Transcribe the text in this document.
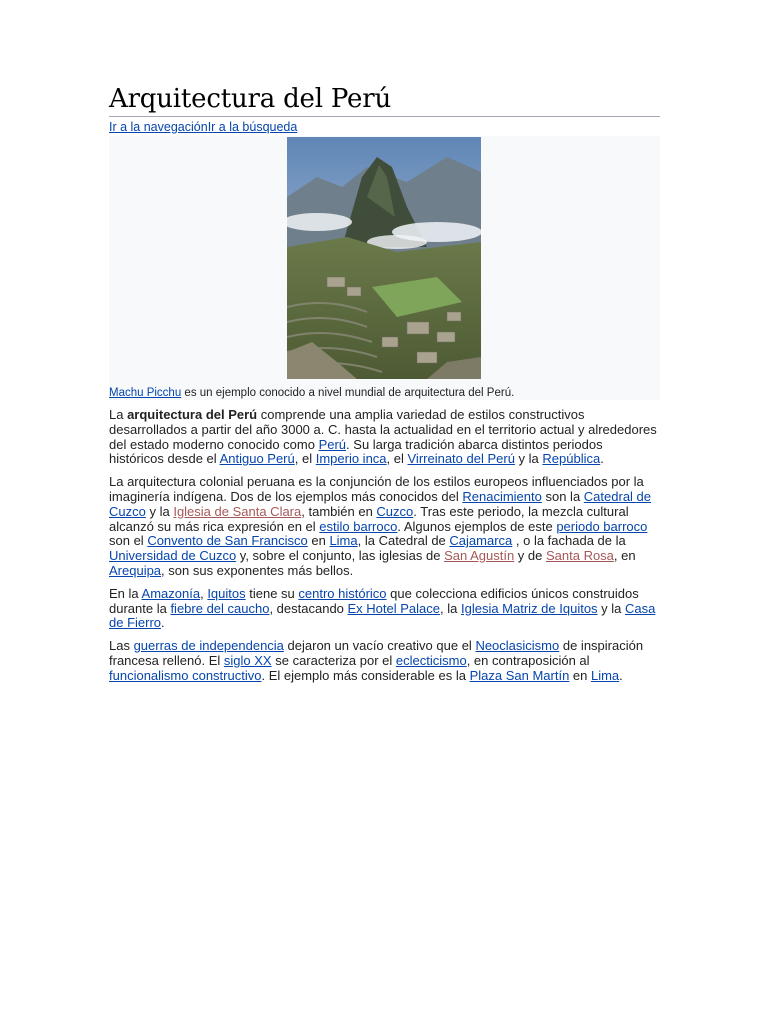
Arquitectura del Perú
Ir a la navegaciónIr a la búsqueda
Machu Picchu es un ejemplo conocido a nivel mundial de arquitectura del Perú.

La arquitectura del Perú comprende una amplia variedad de estilos constructivos desarrollados a partir del año 3000 a. C. hasta la actualidad en el territorio actual y alrededores del estado moderno conocido como Perú. Su larga tradición abarca distintos periodos históricos desde el Antiguo Perú, el Imperio inca, el Virreinato del Perú y la República.

La arquitectura colonial peruana es la conjunción de los estilos europeos influenciados por la imaginería indígena. Dos de los ejemplos más conocidos del Renacimiento son la Catedral de Cuzco y la Iglesia de Santa Clara, también en Cuzco. Tras este periodo, la mezcla cultural alcanzó su más rica expresión en el estilo barroco. Algunos ejemplos de este periodo barroco son el Convento de San Francisco en Lima, la Catedral de Cajamarca , o la fachada de la Universidad de Cuzco y, sobre el conjunto, las iglesias de San Agustín y de Santa Rosa, en Arequipa, son sus exponentes más bellos.

En la Amazonía, Iquitos tiene su centro histórico que colecciona edificios únicos construidos durante la fiebre del caucho, destacando Ex Hotel Palace, la Iglesia Matriz de Iquitos y la Casa de Fierro.

Las guerras de independencia dejaron un vacío creativo que el Neoclasicismo de inspiración francesa rellenó. El siglo XX se caracteriza por el eclecticismo, en contraposición al funcionalismo constructivo. El ejemplo más considerable es la Plaza San Martín en Lima.
